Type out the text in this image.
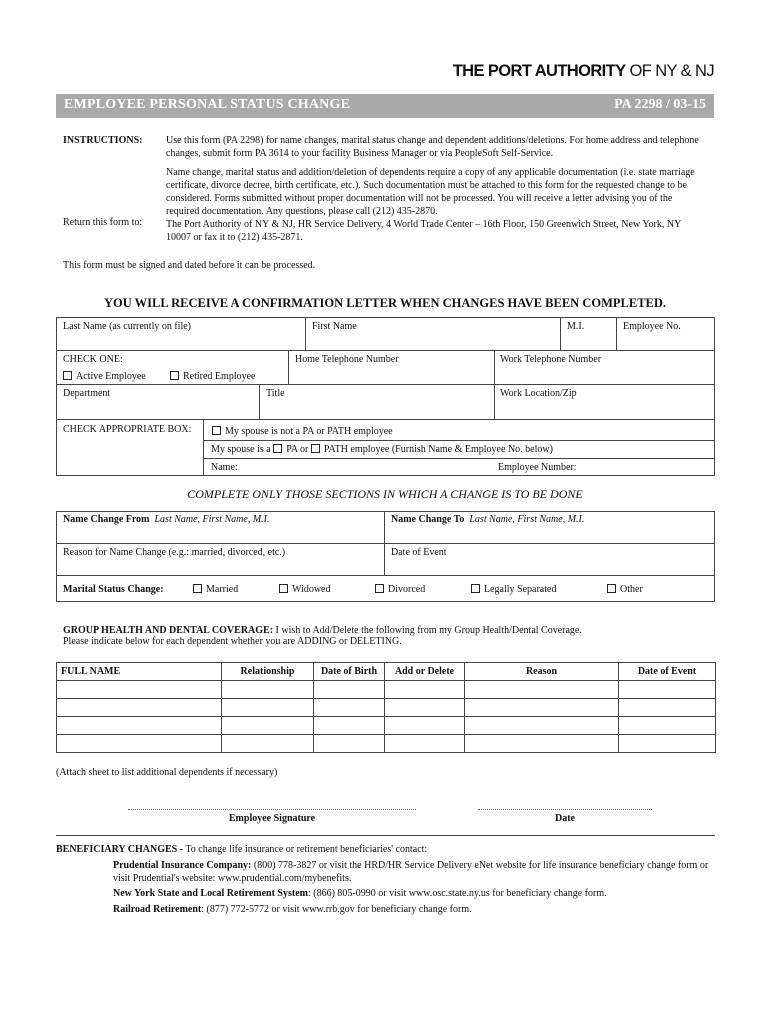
THE PORT AUTHORITY OF NY & NJ
EMPLOYEE PERSONAL STATUS CHANGE	PA 2298 / 03-15
INSTRUCTIONS: Use this form (PA 2298) for name changes, marital status change and dependent additions/deletions. For home address and telephone changes, submit form PA 3614 to your facility Business Manager or via PeopleSoft Self-Service.
Name change, marital status and addition/deletion of dependents require a copy of any applicable documentation (i.e. state marriage certificate, divorce decree, birth certificate, etc.). Such documentation must be attached to this form for the requested change to be considered. Forms submitted without proper documentation will not be processed. You will receive a letter advising you of the required documentation. Any questions, please call (212) 435-2870.
Return this form to: The Port Authority of NY & NJ, HR Service Delivery, 4 World Trade Center – 16th Floor, 150 Greenwich Street, New York, NY 10007 or fax it to (212) 435-2871.
This form must be signed and dated before it can be processed.
YOU WILL RECEIVE A CONFIRMATION LETTER WHEN CHANGES HAVE BEEN COMPLETED.
Last Name (as currently on file)	First Name	M.I.	Employee No.
CHECK ONE:
Active Employee	Retired Employee
Home Telephone Number	Work Telephone Number
Department	Title	Work Location/Zip
CHECK APPROPRIATE BOX:	My spouse is not a PA or PATH employee
My spouse is a PA or PATH employee (Furnish Name & Employee No. below)
Name:	Employee Number:
COMPLETE ONLY THOSE SECTIONS IN WHICH A CHANGE IS TO BE DONE
Name Change From Last Name, First Name, M.I.	Name Change To Last Name, First Name, M.I.
Reason for Name Change (e.g.: married, divorced, etc.)	Date of Event
Marital Status Change:	Married	Widowed	Divorced	Legally Separated	Other
GROUP HEALTH AND DENTAL COVERAGE: I wish to Add/Delete the following from my Group Health/Dental Coverage.
Please indicate below for each dependent whether you are ADDING or DELETING.
FULL NAME	Relationship	Date of Birth	Add or Delete	Reason	Date of Event

(Attach sheet to list additional dependents if necessary)
Employee Signature	Date
BENEFICIARY CHANGES - To change life insurance or retirement beneficiaries' contact:
Prudential Insurance Company: (800) 778-3827 or visit the HRD/HR Service Delivery eNet website for life insurance beneficiary change form or visit Prudential's website: www.prudential.com/mybenefits.
New York State and Local Retirement System: (866) 805-0990 or visit www.osc.state.ny.us for beneficiary change form.
Railroad Retirement: (877) 772-5772 or visit www.rrb.gov for beneficiary change form.
